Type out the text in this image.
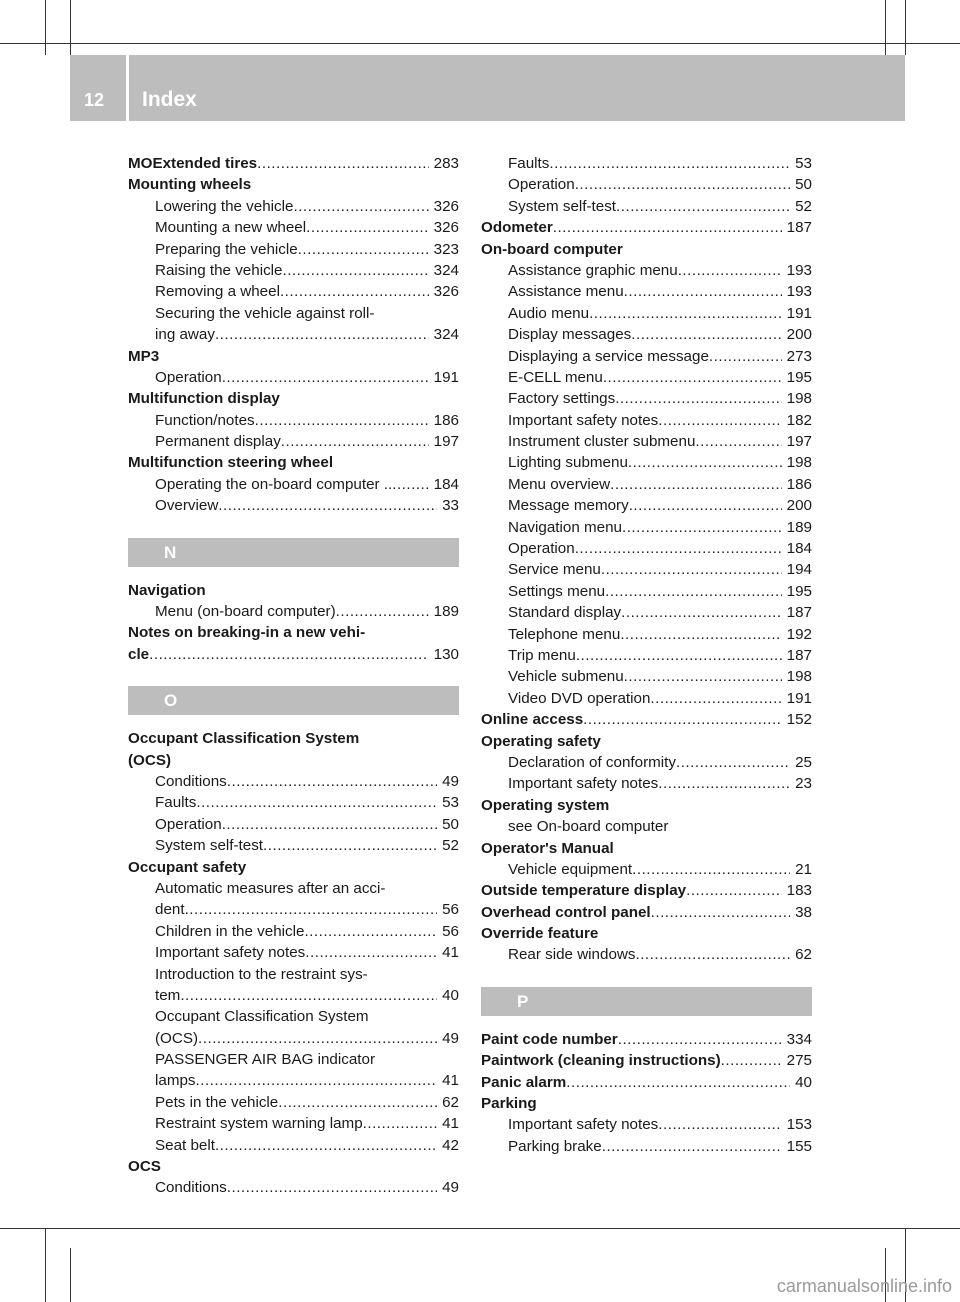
12 Index
MOExtended tires .....	283
Mounting wheels
Lowering the vehicle .....	326
Mounting a new wheel .....	326
Preparing the vehicle .....	323
Raising the vehicle .....	324
Removing a wheel .....	326
Securing the vehicle against roll-
ing away .....	324
MP3
Operation .....	191
Multifunction display
Function/notes .....	186
Permanent display .....	197
Multifunction steering wheel
Operating the on-board computer .. .....	184
Overview .....	33
N
Navigation
Menu (on-board computer) .....	189
Notes on breaking-in a new vehi-
cle .....	130
O
Occupant Classification System
(OCS)
Conditions .....	49
Faults .....	53
Operation .....	50
System self-test .....	52
Occupant safety
Automatic measures after an acci-
dent .....	56
Children in the vehicle .....	56
Important safety notes .....	41
Introduction to the restraint sys-
tem .....	40
Occupant Classification System
(OCS) .....	49
PASSENGER AIR BAG indicator
lamps .....	41
Pets in the vehicle .....	62
Restraint system warning lamp .....	41
Seat belt .....	42
OCS
Conditions .....	49
Faults .....	53
Operation .....	50
System self-test .....	52
Odometer .....	187
On-board computer
Assistance graphic menu .....	193
Assistance menu .....	193
Audio menu .....	191
Display messages .....	200
Displaying a service message .....	273
E-CELL menu .....	195
Factory settings .....	198
Important safety notes .....	182
Instrument cluster submenu .....	197
Lighting submenu .....	198
Menu overview .....	186
Message memory .....	200
Navigation menu .....	189
Operation .....	184
Service menu .....	194
Settings menu .....	195
Standard display .....	187
Telephone menu .....	192
Trip menu .....	187
Vehicle submenu .....	198
Video DVD operation .....	191
Online access .....	152
Operating safety
Declaration of conformity .....	25
Important safety notes .....	23
Operating system
see On-board computer
Operator's Manual
Vehicle equipment .....	21
Outside temperature display .....	183
Overhead control panel .....	38
Override feature
Rear side windows .....	62
P
Paint code number .....	334
Paintwork (cleaning instructions) .....	275
Panic alarm .....	40
Parking
Important safety notes .....	153
Parking brake .....	155
carmanualsonline.info
